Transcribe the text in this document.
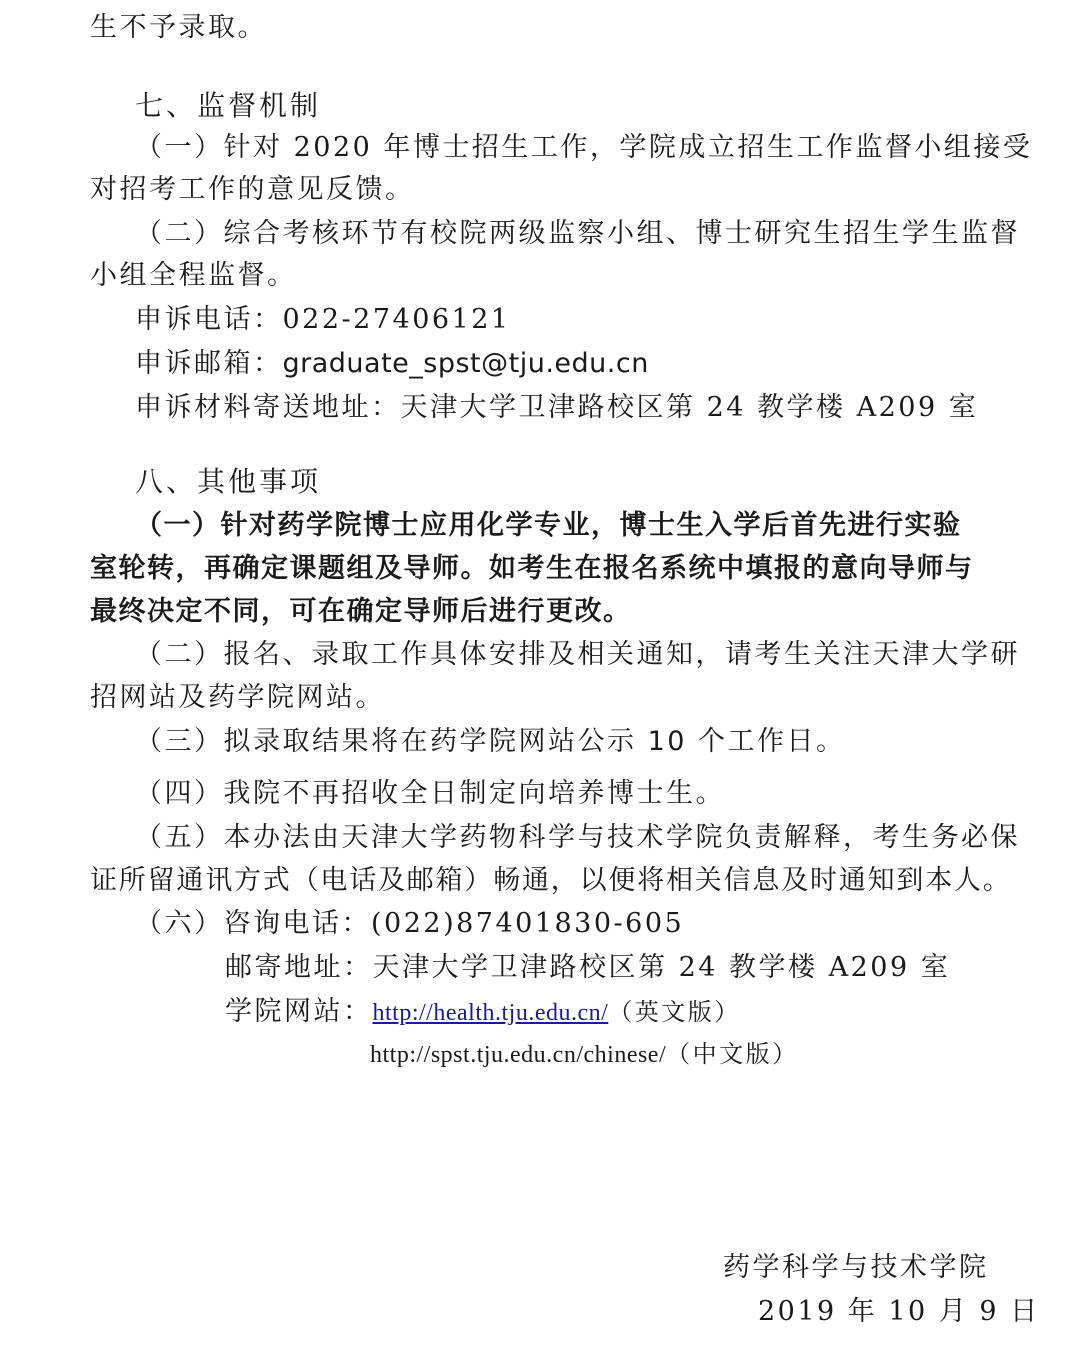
生不予录取。
七、监督机制
（一）针对 2020 年博士招生工作，学院成立招生工作监督小组接受
对招考工作的意见反馈。
（二）综合考核环节有校院两级监察小组、博士研究生招生学生监督
小组全程监督。
申诉电话：022-27406121
申诉邮箱：graduate_spst@tju.edu.cn
申诉材料寄送地址：天津大学卫津路校区第 24 教学楼 A209 室
八、其他事项
（一）针对药学院博士应用化学专业，博士生入学后首先进行实验
室轮转，再确定课题组及导师。如考生在报名系统中填报的意向导师与
最终决定不同，可在确定导师后进行更改。
（二）报名、录取工作具体安排及相关通知，请考生关注天津大学研
招网站及药学院网站。
（三）拟录取结果将在药学院网站公示 10 个工作日。
（四）我院不再招收全日制定向培养博士生。
（五）本办法由天津大学药物科学与技术学院负责解释，考生务必保
证所留通讯方式（电话及邮箱）畅通，以便将相关信息及时通知到本人。
（六）咨询电话：(022)87401830-605
邮寄地址：天津大学卫津路校区第 24 教学楼 A209 室
学院网站：http://health.tju.edu.cn/（英文版）
http://spst.tju.edu.cn/chinese/（中文版）
药学科学与技术学院
2019 年 10 月 9 日
